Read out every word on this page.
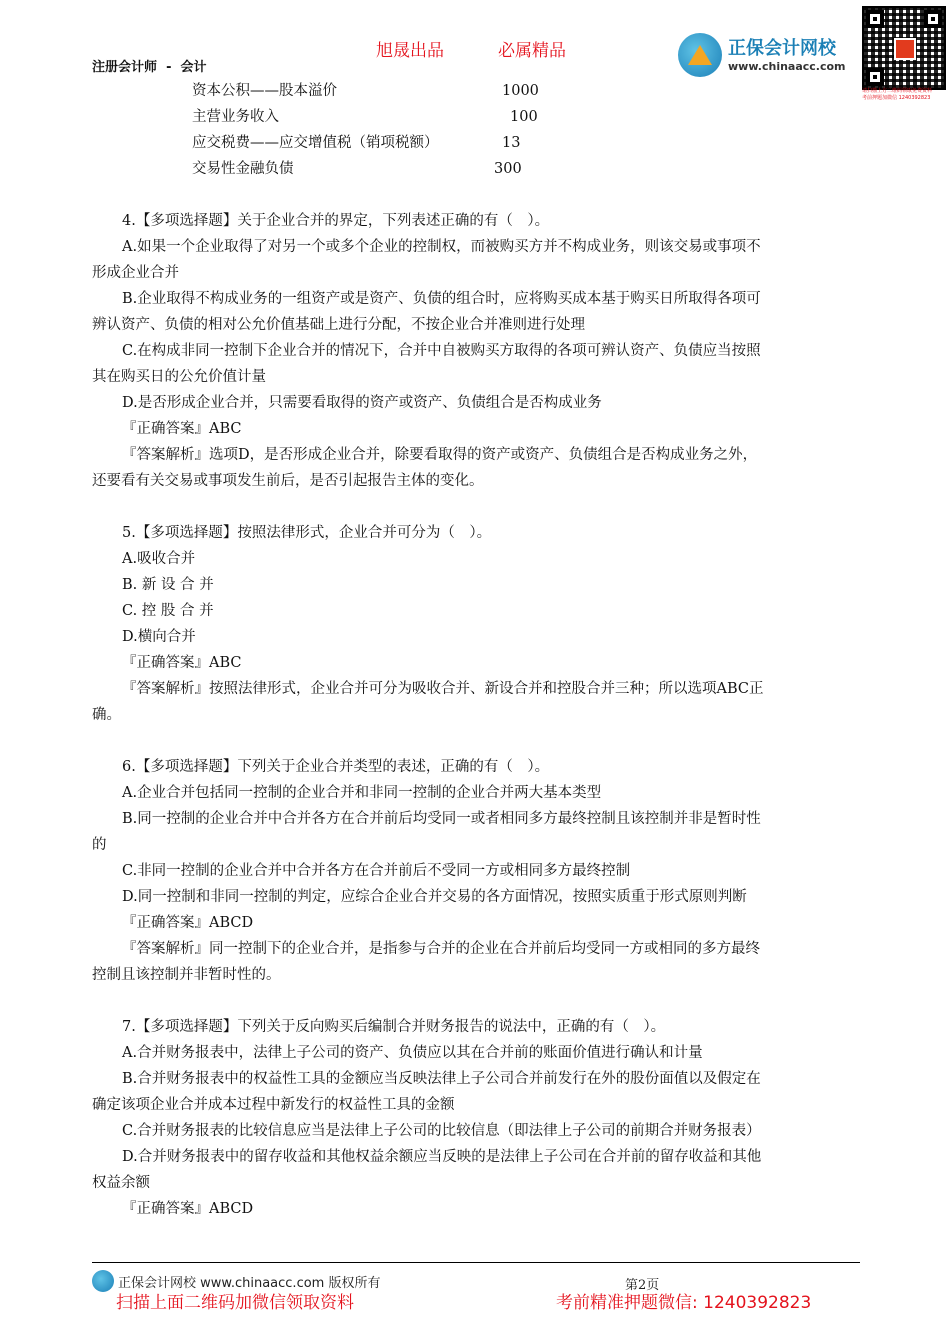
旭晟出品	必属精品
注册会计师 - 会计
正保会计网校
www.chinaacc.com
请扫描上方二维码领取免费资料
考前押题加微信 1240392823
资本公积——股本溢价	1000
主营业务收入	100
应交税费——应交增值税（销项税额）	13
交易性金融负债	300
4.【多项选择题】关于企业合并的界定，下列表述正确的有（　）。
A.如果一个企业取得了对另一个或多个企业的控制权，而被购买方并不构成业务，则该交易或事项不
形成企业合并
B.企业取得不构成业务的一组资产或是资产、负债的组合时，应将购买成本基于购买日所取得各项可
辨认资产、负债的相对公允价值基础上进行分配，不按企业合并准则进行处理
C.在构成非同一控制下企业合并的情况下，合并中自被购买方取得的各项可辨认资产、负债应当按照
其在购买日的公允价值计量
D.是否形成企业合并，只需要看取得的资产或资产、负债组合是否构成业务
『正确答案』ABC
『答案解析』选项D，是否形成企业合并，除要看取得的资产或资产、负债组合是否构成业务之外，
还要看有关交易或事项发生前后，是否引起报告主体的变化。
5.【多项选择题】按照法律形式，企业合并可分为（　）。
A.吸收合并
B. 新 设 合 并
C. 控 股 合 并
D.横向合并
『正确答案』ABC
『答案解析』按照法律形式，企业合并可分为吸收合并、新设合并和控股合并三种；所以选项ABC正
确。
6.【多项选择题】下列关于企业合并类型的表述，正确的有（　）。
A.企业合并包括同一控制的企业合并和非同一控制的企业合并两大基本类型
B.同一控制的企业合并中合并各方在合并前后均受同一或者相同多方最终控制且该控制并非是暂时性
的
C.非同一控制的企业合并中合并各方在合并前后不受同一方或相同多方最终控制
D.同一控制和非同一控制的判定，应综合企业合并交易的各方面情况，按照实质重于形式原则判断
『正确答案』ABCD
『答案解析』同一控制下的企业合并，是指参与合并的企业在合并前后均受同一方或相同的多方最终
控制且该控制并非暂时性的。
7.【多项选择题】下列关于反向购买后编制合并财务报告的说法中，正确的有（　）。
A.合并财务报表中，法律上子公司的资产、负债应以其在合并前的账面价值进行确认和计量
B.合并财务报表中的权益性工具的金额应当反映法律上子公司合并前发行在外的股份面值以及假定在
确定该项企业合并成本过程中新发行的权益性工具的金额
C.合并财务报表的比较信息应当是法律上子公司的比较信息（即法律上子公司的前期合并财务报表）
D.合并财务报表中的留存收益和其他权益余额应当反映的是法律上子公司在合并前的留存收益和其他
权益余额
『正确答案』ABCD
正保会计网校 www.chinaacc.com 版权所有	第2页
扫描上面二维码加微信领取资料	考前精准押题微信: 1240392823
